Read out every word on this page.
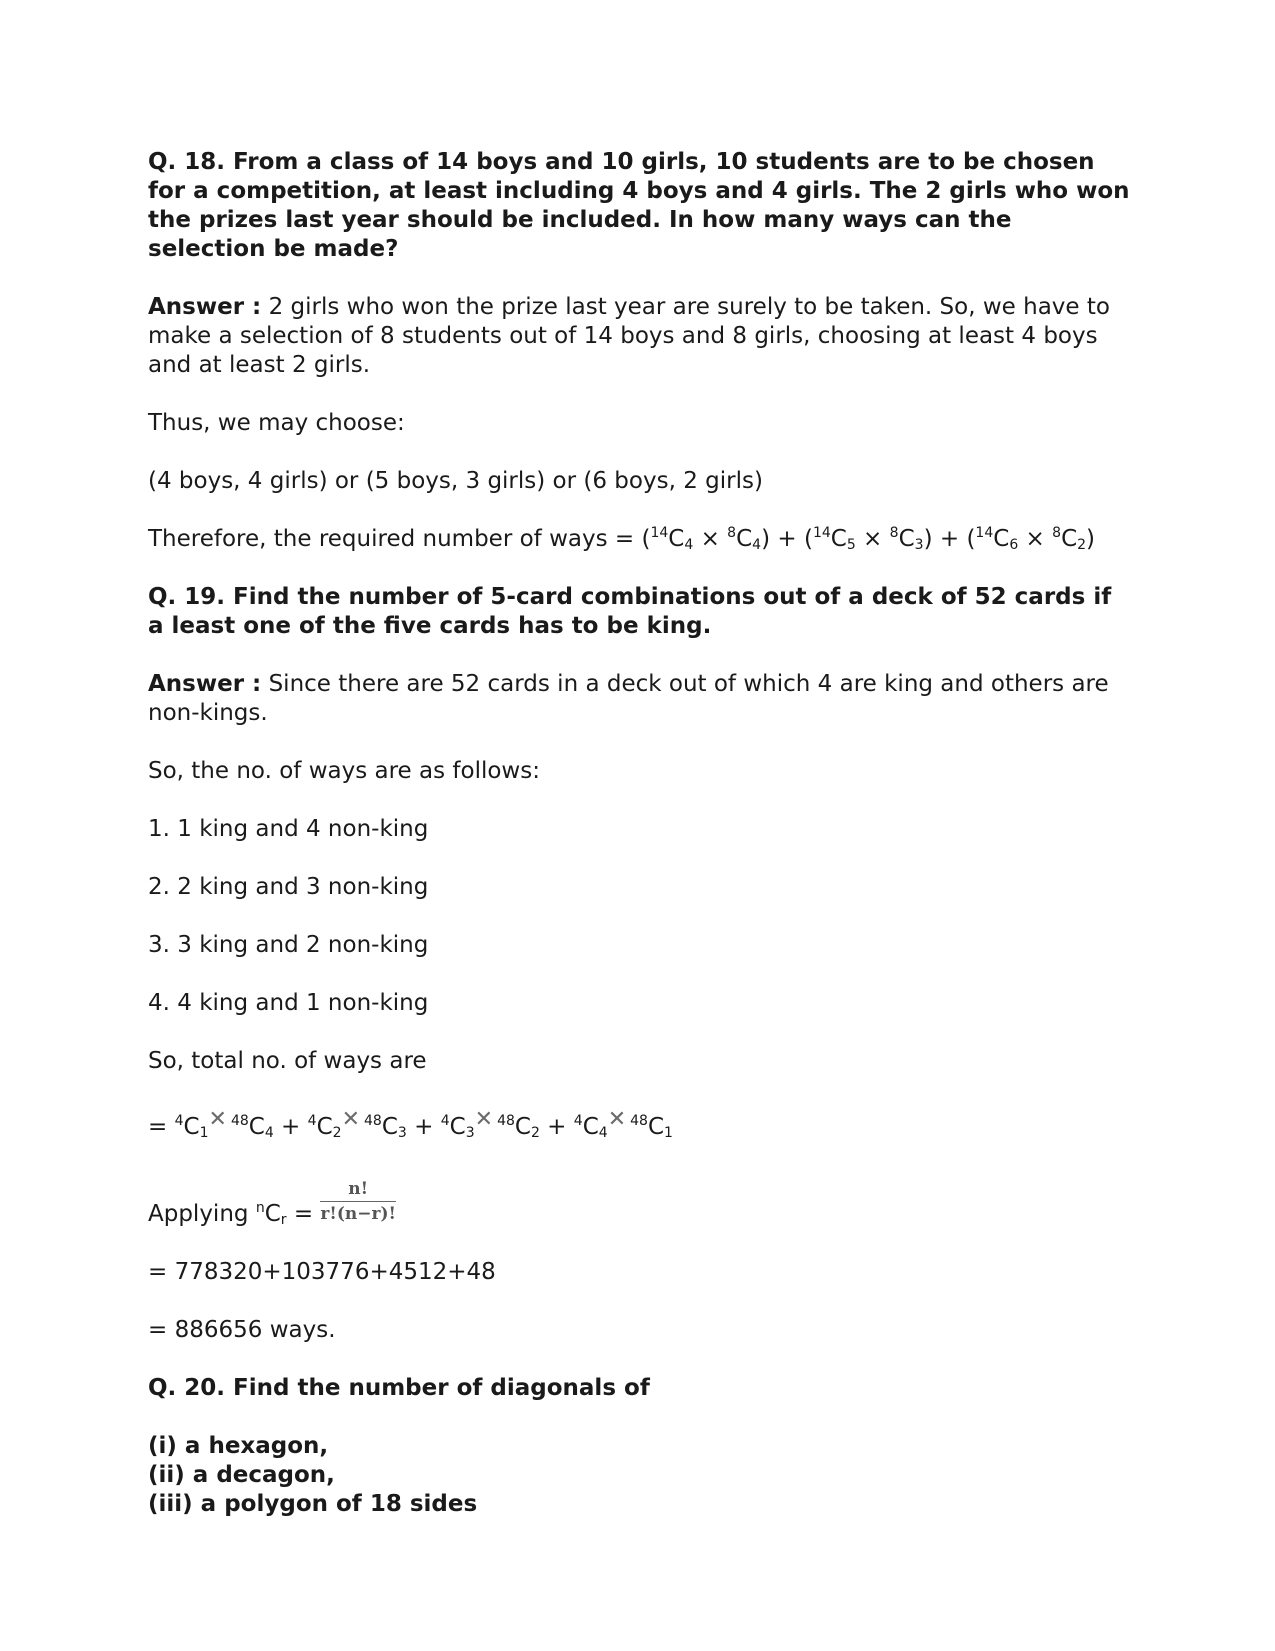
Q. 18. From a class of 14 boys and 10 girls, 10 students are to be chosen for a competition, at least including 4 boys and 4 girls. The 2 girls who won the prizes last year should be included. In how many ways can the selection be made?

Answer : 2 girls who won the prize last year are surely to be taken. So, we have to make a selection of 8 students out of 14 boys and 8 girls, choosing at least 4 boys and at least 2 girls.

Thus, we may choose:

(4 boys, 4 girls) or (5 boys, 3 girls) or (6 boys, 2 girls)

Therefore, the required number of ways = $(^{14}C_4 \times ^8C_4) + (^{14}C_5 \times ^8C_3) + (^{14}C_6 \times ^8C_2)$

Q. 19. Find the number of 5-card combinations out of a deck of 52 cards if a least one of the five cards has to be king.

Answer : Since there are 52 cards in a deck out of which 4 are king and others are non-kings.

So, the no. of ways are as follows:

1. 1 king and 4 non-king

2. 2 king and 3 non-king

3. 3 king and 2 non-king

4. 4 king and 1 non-king

So, total no. of ways are

= $^4C_1✕$ $^{48}C_4$ + $^4C_2✕$ $^{48}C_3$ + $^4C_3✕$ $^{48}C_2$ + $^4C_4✕$ $^{48}C_1$

Applying $^nC_r = \frac{n!}{r!(n-r)!}$

= 778320+103776+4512+48

= 886656 ways.

Q. 20. Find the number of diagonals of

(i) a hexagon,

(ii) a decagon,

(iii) a polygon of 18 sides
